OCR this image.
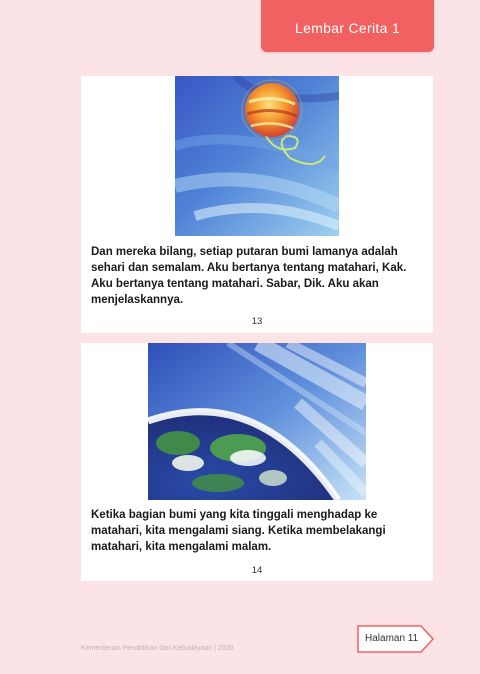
Lembar Cerita 1
Dan mereka bilang, setiap putaran bumi lamanya adalah sehari dan semalam. Aku bertanya tentang matahari, Kak. Aku bertanya tentang matahari. Sabar, Dik. Aku akan menjelaskannya.
13
Ketika bagian bumi yang kita tinggali menghadap ke matahari, kita mengalami siang. Ketika membelakangi matahari, kita mengalami malam.
14
Kementerian Pendidikan dan Kebudayaan | 2020
Halaman 11
